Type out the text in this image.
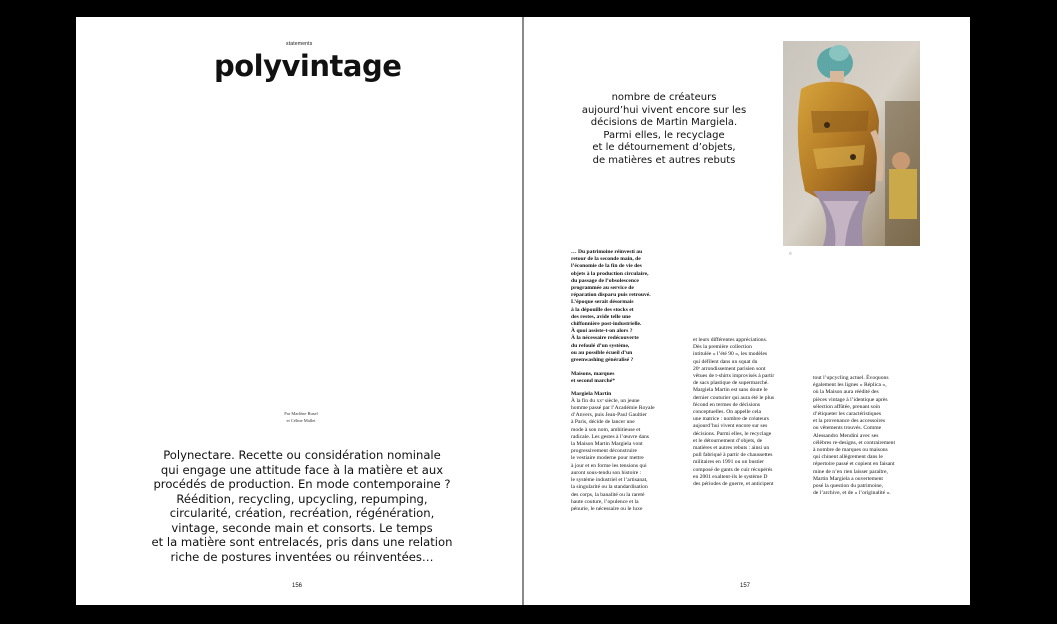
statements
polyvintage
Par Marlène Busel
et Céline Mallet
Polynectare. Recette ou considération nominale
qui engage une attitude face à la matière et aux
procédés de production. En mode contemporaine ?
Réédition, recycling, upcycling, repumping,
circularité, création, recréation, régénération,
vintage, seconde main et consorts. Le temps
et la matière sont entrelacés, pris dans une relation
riche de postures inventées ou réinventées…
156
nombre de créateurs
aujourd’hui vivent encore sur les
décisions de Martin Margiela.
Parmi elles, le recyclage
et le détournement d’objets,
de matières et autres rebuts
©
… Du patrimoine réinvesti au
retour de la seconde main, de
l’économie de la fin de vie des
objets à la production circulaire,
du passage de l’obsolescence
programmée au service de
réparation disparu puis retrouvé.
L’époque serait désormais
à la dépouille des stocks et
des restes, avide telle une
chiffonnière post-industrielle.
À quoi assiste-t-on alors ?
À la nécessaire redécouverte
du refoulé d’un système,
ou au possible écueil d’un
greenwashing généralisé ?
Maisons, marques
et second marché*
Margiela Martin
À la fin du xxᵉ siècle, un jeune
homme passé par l’Académie Royale
d’Anvers, puis Jean-Paul Gaultier
à Paris, décide de lancer une
mode à son nom, ambitieuse et
radicale. Les gestes à l’œuvre dans
la Maison Martin Margiela vont
progressivement déconstruire
le vestiaire moderne pour mettre
à jour et en forme les tensions qui
auront sous-tendu son histoire :
le système industriel et l’artisanat,
la singularité ou la standardisation
des corps, la banalité ou la rareté
haute couture, l’opulence et la
pénurie, le nécessaire ou le luxe
et leurs différentes appréciations.
Dès la première collection
intitulée « l’été 90 », les modèles
qui défilent dans un squat du
20ᵉ arrondissement parisien sont
vêtues de t-shirts improvisés à partir
de sacs plastique de supermarché.
Margiela Martin est sans doute le
dernier couturier qui aura été le plus
fécond en termes de décisions
conceptuelles. On appelle cela
une matrice : nombre de créateurs
aujourd’hui vivent encore sur ses
décisions. Parmi elles, le recyclage
et le détournement d’objets, de
matières et autres rebuts : ainsi un
pull fabriqué à partir de chaussettes
militaires en 1991 ou un bustier
composé de gants de cuir récupérés
en 2001 exaltent-ils le système D
des périodes de guerre, et anticipent
tout l’upcycling actuel. Évoquons
également les lignes « Réplica »,
où la Maison aura réédité des
pièces vintage à l’identique après
sélection affûtée, prenant soin
d’étiqueter les caractéristiques
et la provenance des accessoires
ou vêtements trouvés. Comme
Alessandro Mendini avec ses
célèbres re-designs, et contrairement
à nombre de marques ou maisons
qui chinent allègrement dans le
répertoire passé et copient en faisant
mine de n’en rien laisser paraître,
Martin Margiela a ouvertement
posé la question du patrimoine,
de l’archive, et de « l’originalité ».
157
